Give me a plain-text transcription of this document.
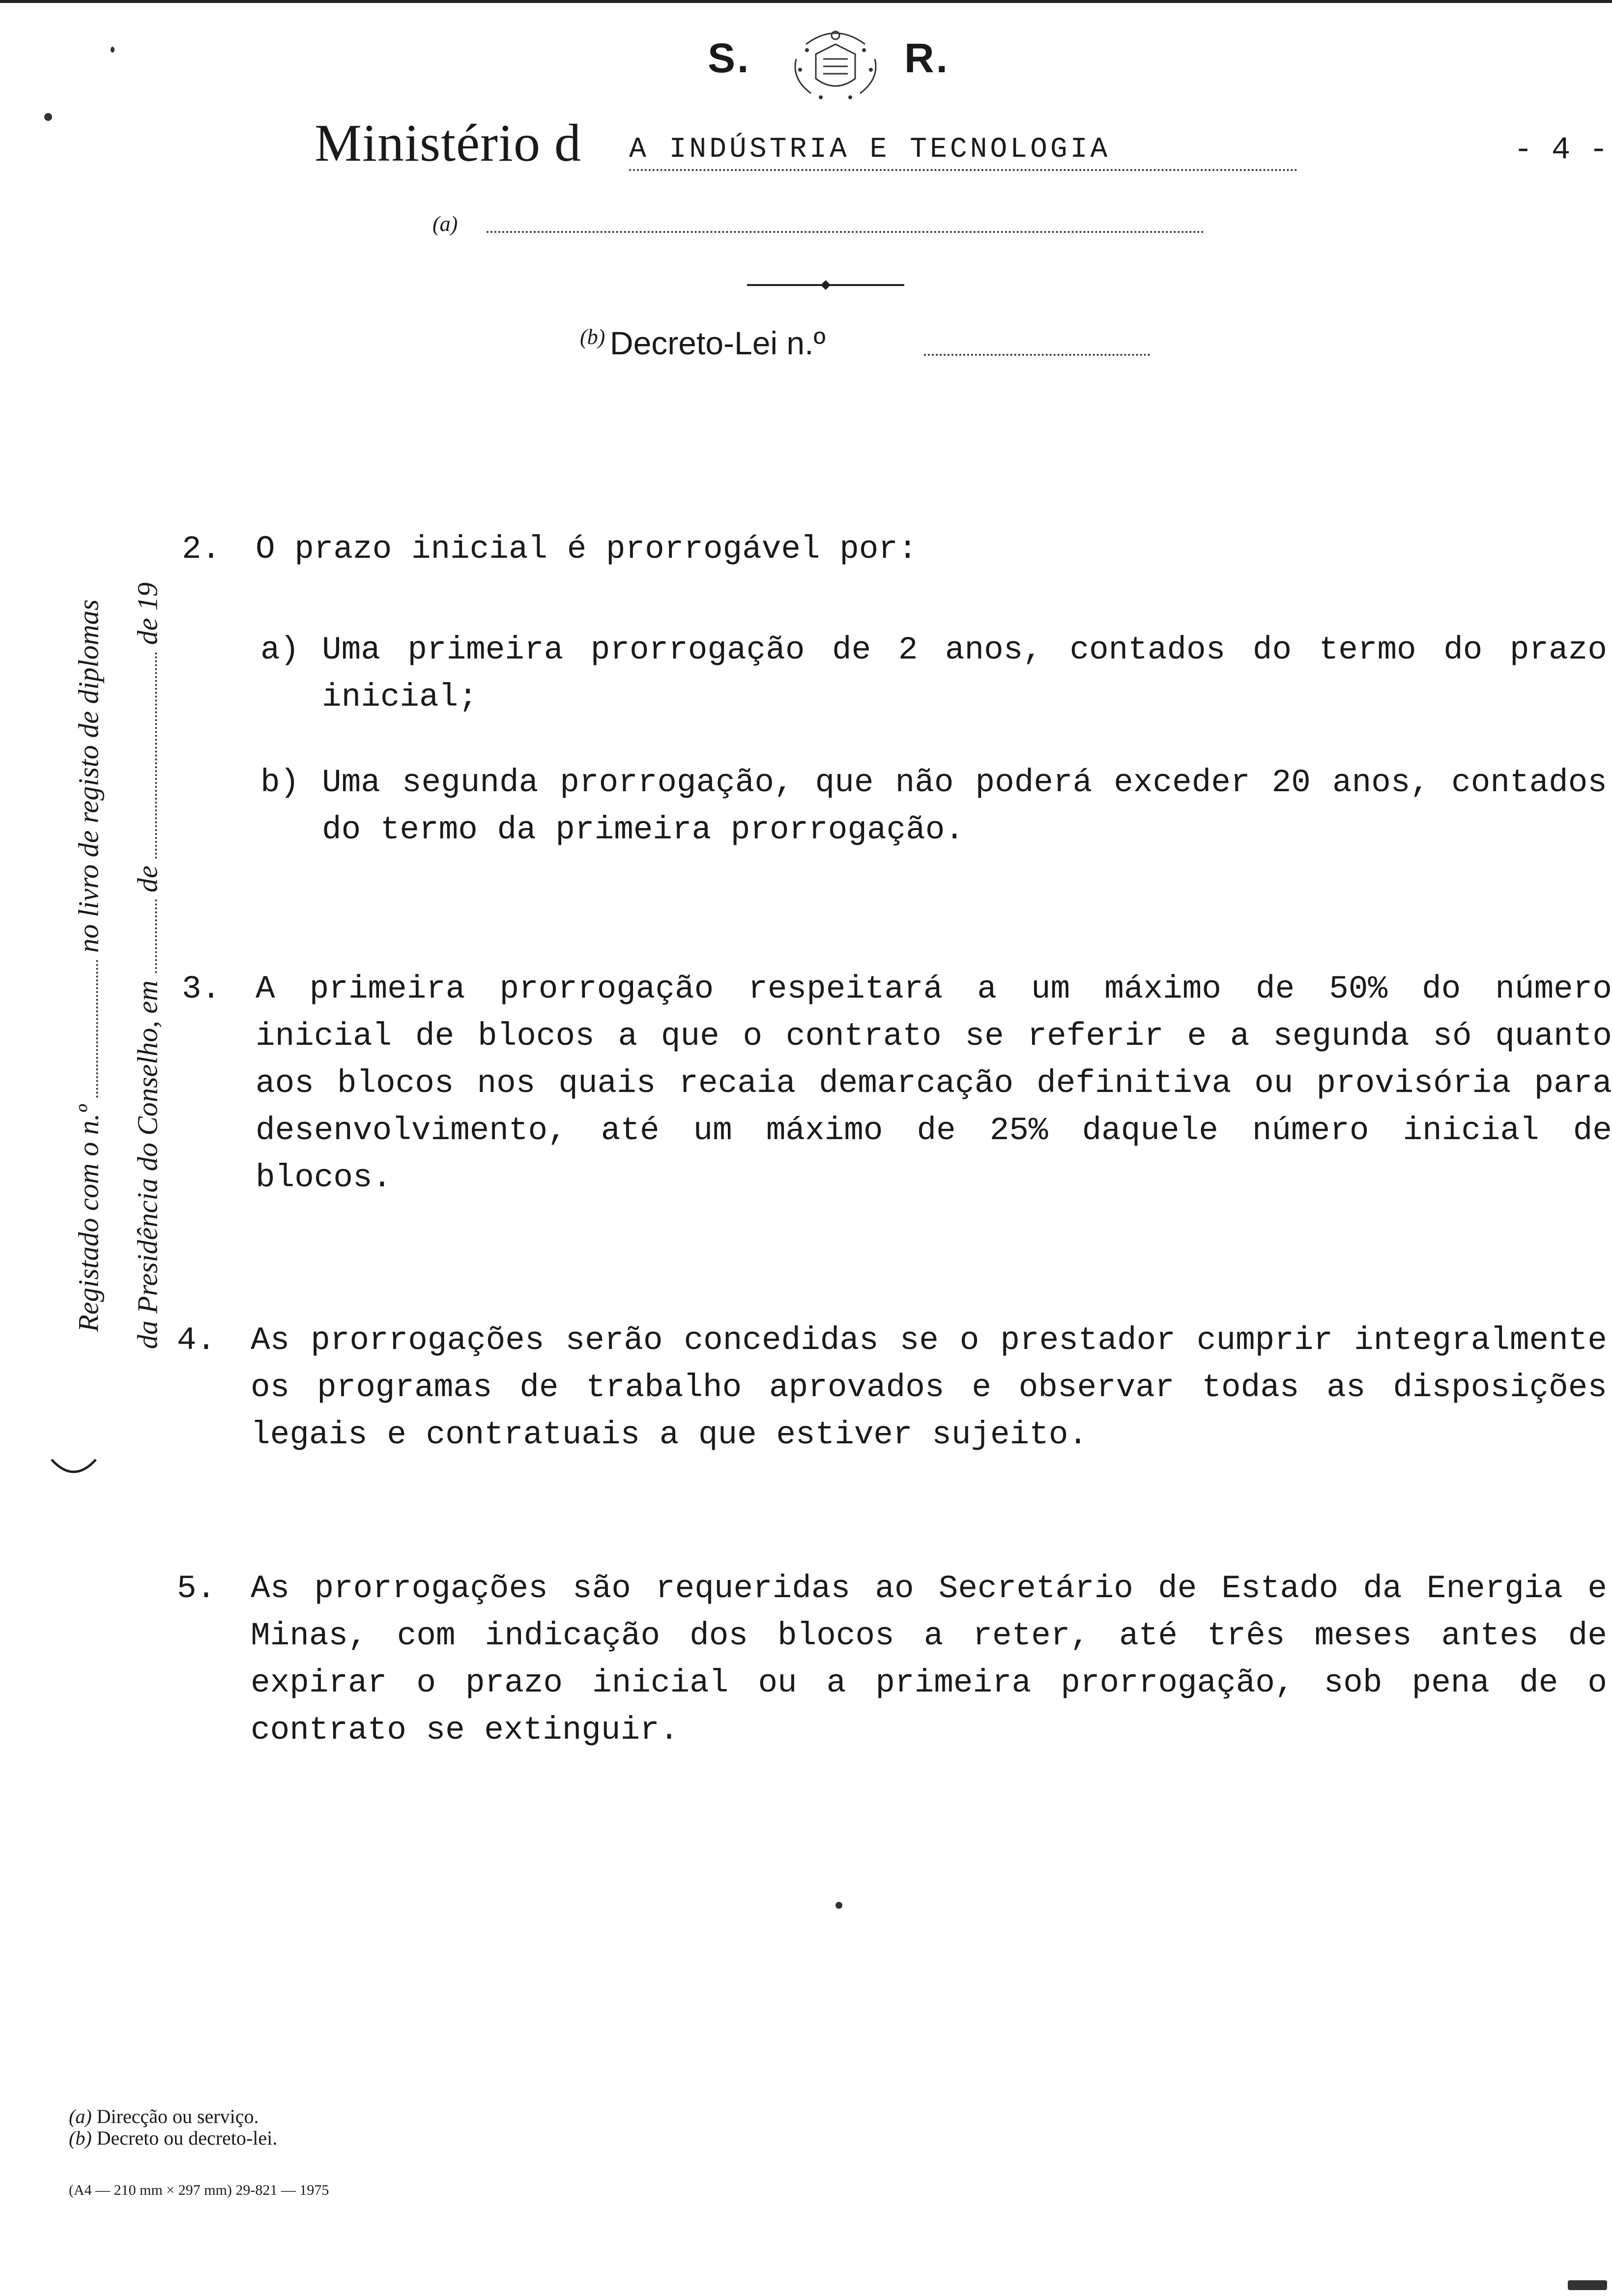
S.	R.
Ministério d A INDÚSTRIA E TECNOLOGIA	- 4 -
(a)
(b) Decreto-Lei n.º
Registado com o n.º  no livro de registo de diplomas
da Presidência do Conselho, em  de  de 19
2. O prazo inicial é prorrogável por:
a) Uma primeira prorrogação de 2 anos, contados do termo do prazo inicial;
b) Uma segunda prorrogação, que não poderá exceder 20 anos, contados do termo da primeira prorrogação.
3. A primeira prorrogação respeitará a um máximo de 50% do número inicial de blocos a que o contrato se referir e a segunda só quanto aos blocos nos quais recaia demarcação definitiva ou provisória para desenvolvimento, até um máximo de 25% daquele número inicial de blocos.
4. As prorrogações serão concedidas se o prestador cumprir integralmente os programas de trabalho aprovados e observar todas as disposições legais e contratuais a que estiver sujeito.
5. As prorrogações são requeridas ao Secretário de Estado da Energia e Minas, com indicação dos blocos a reter, até três meses antes de expirar o prazo inicial ou a primeira prorrogação, sob pena de o contrato se extinguir.
(a) Direcção ou serviço.
(b) Decreto ou decreto-lei.
(A4 — 210 mm × 297 mm) 29-821 — 1975
